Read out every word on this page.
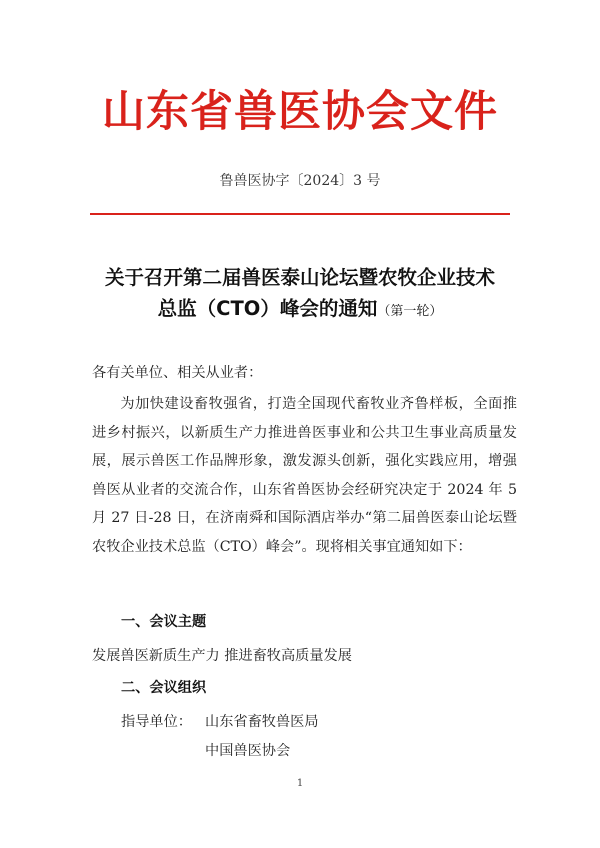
山东省兽医协会文件
鲁兽医协字〔2024〕3 号
关于召开第二届兽医泰山论坛暨农牧企业技术
总监（CTO）峰会的通知（第一轮）
各有关单位、相关从业者：
为加快建设畜牧强省，打造全国现代畜牧业齐鲁样板，全面推进乡村振兴，以新质生产力推进兽医事业和公共卫生事业高质量发展，展示兽医工作品牌形象，激发源头创新，强化实践应用，增强兽医从业者的交流合作，山东省兽医协会经研究决定于 2024 年 5 月 27 日-28 日，在济南舜和国际酒店举办“第二届兽医泰山论坛暨农牧企业技术总监（CTO）峰会”。现将相关事宜通知如下：
一、会议主题
发展兽医新质生产力 推进畜牧高质量发展
二、会议组织
指导单位： 山东省畜牧兽医局
中国兽医协会
1
